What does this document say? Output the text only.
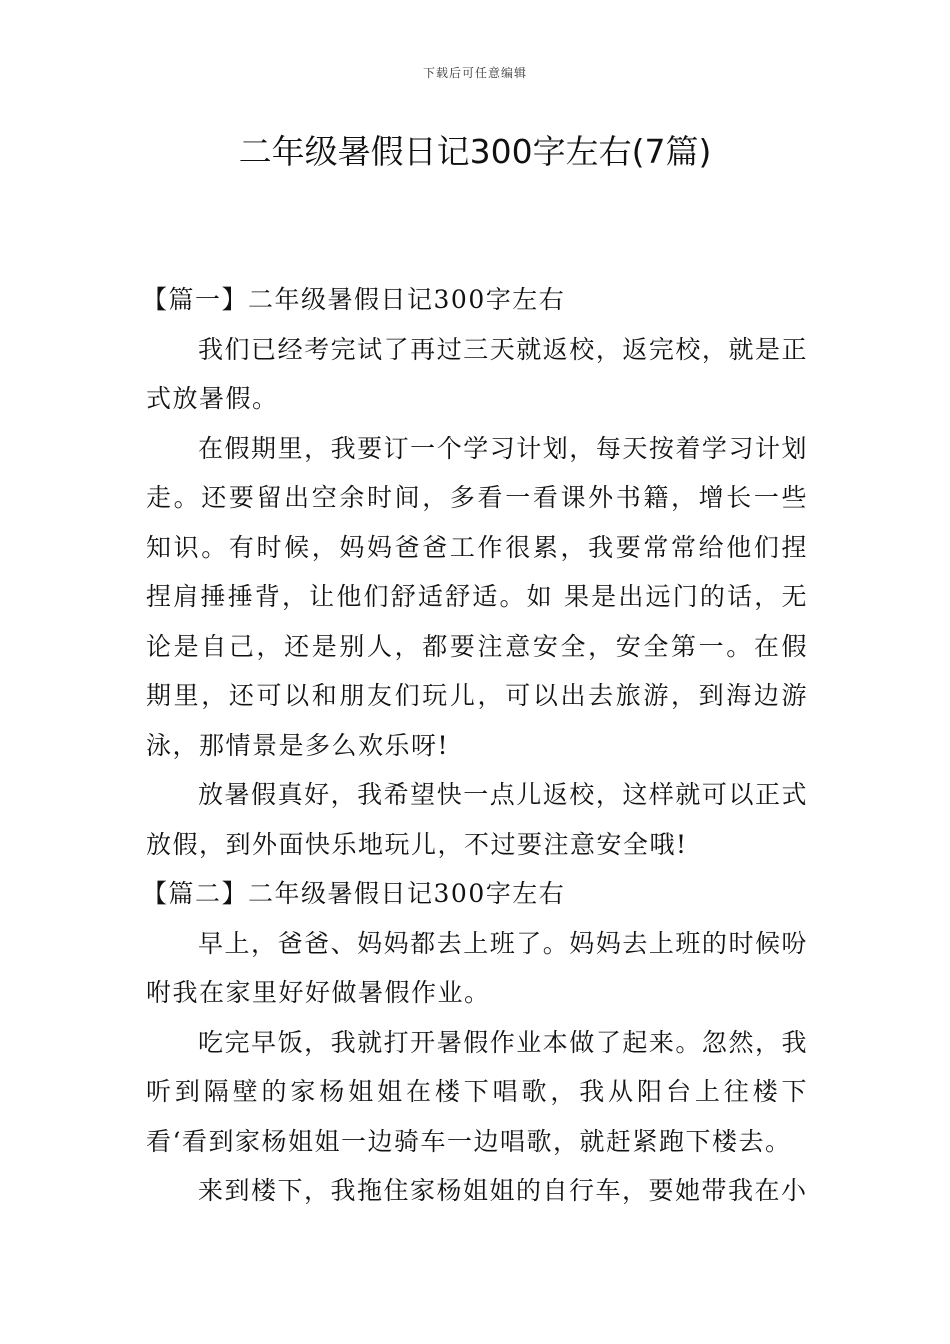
下载后可任意编辑
二年级暑假日记300字左右(7篇)

【篇一】二年级暑假日记300字左右

我们已经考完试了再过三天就返校，返完校，就是正式放暑假。

在假期里，我要订一个学习计划，每天按着学习计划走。还要留出空余时间，多看一看课外书籍，增长一些知识。有时候，妈妈爸爸工作很累，我要常常给他们捏捏肩捶捶背，让他们舒适舒适。如 果是出远门的话，无论是自己，还是别人，都要注意安全，安全第一。在假期里，还可以和朋友们玩儿，可以出去旅游，到海边游泳，那情景是多么欢乐呀!

放暑假真好，我希望快一点儿返校，这样就可以正式放假，到外面快乐地玩儿，不过要注意安全哦!

【篇二】二年级暑假日记300字左右

早上，爸爸、妈妈都去上班了。妈妈去上班的时候吩咐我在家里好好做暑假作业。

吃完早饭，我就打开暑假作业本做了起来。忽然，我听到隔壁的家杨姐姐在楼下唱歌，我从阳台上往楼下看‘看到家杨姐姐一边骑车一边唱歌，就赶紧跑下楼去。

来到楼下，我拖住家杨姐姐的自行车，要她带我在小
